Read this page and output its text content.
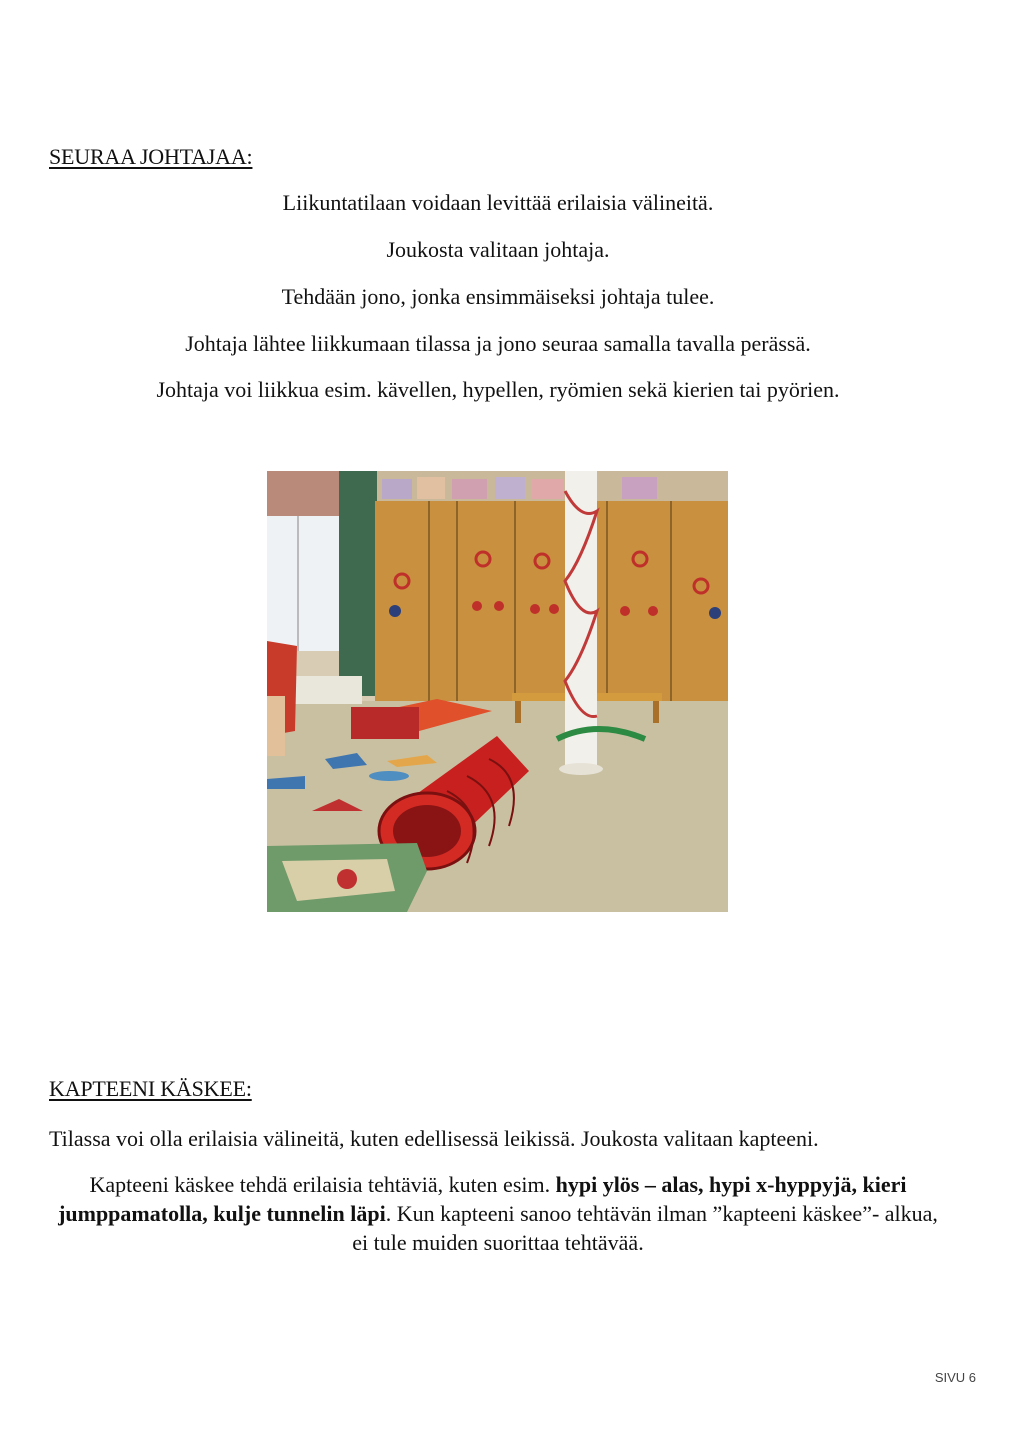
SEURAA JOHTAJAA:

Liikuntatilaan voidaan levittää erilaisia välineitä.

Joukosta valitaan johtaja.

Tehdään jono, jonka ensimmäiseksi johtaja tulee.

Johtaja lähtee liikkumaan tilassa ja jono seuraa samalla tavalla perässä.

Johtaja voi liikkua esim. kävellen, hypellen, ryömien sekä kierien tai pyörien.

KAPTEENI KÄSKEE:

Tilassa voi olla erilaisia välineitä, kuten edellisessä leikissä. Joukosta valitaan kapteeni.

Kapteeni käskee tehdä erilaisia tehtäviä, kuten esim. hypi ylös – alas, hypi x-hyppyjä, kieri jumppamatolla, kulje tunnelin läpi. Kun kapteeni sanoo tehtävän ilman ”kapteeni käskee”- alkua, ei tule muiden suorittaa tehtävää.

SIVU 6
